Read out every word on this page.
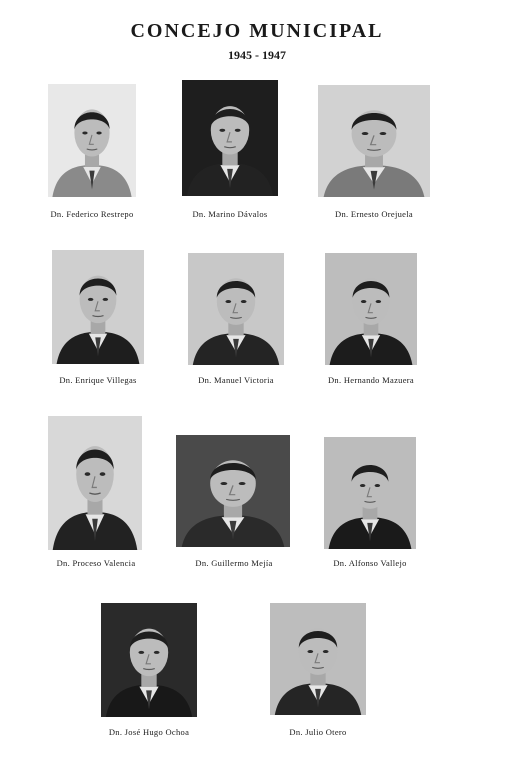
CONCEJO MUNICIPAL
1945 - 1947
Dn. Federico Restrepo	Dn. Marino Dávalos	Dn. Ernesto Orejuela
Dn. Enrique Villegas	Dn. Manuel Victoria	Dn. Hernando Mazuera
Dn. Proceso Valencia	Dn. Guillermo Mejía	Dn. Alfonso Vallejo
Dn. José Hugo Ochoa	Dn. Julio Otero
